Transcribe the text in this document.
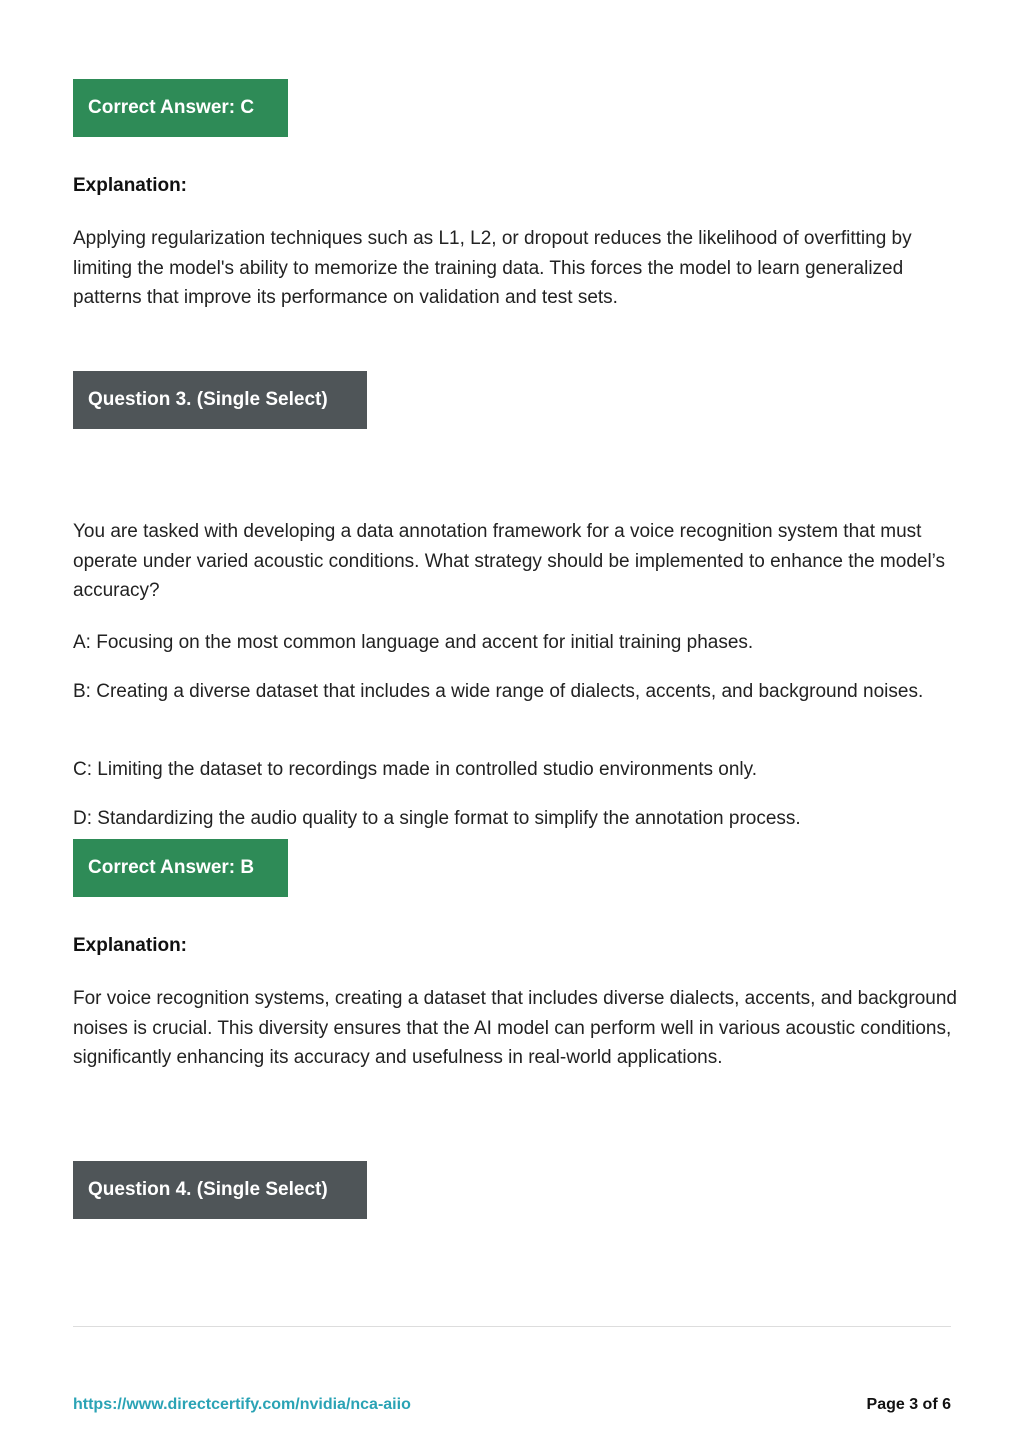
Correct Answer: C
Explanation:
Applying regularization techniques such as L1, L2, or dropout reduces the likelihood of overfitting by limiting the model's ability to memorize the training data. This forces the model to learn generalized patterns that improve its performance on validation and test sets.
Question 3. (Single Select)
You are tasked with developing a data annotation framework for a voice recognition system that must operate under varied acoustic conditions. What strategy should be implemented to enhance the model’s accuracy?
A: Focusing on the most common language and accent for initial training phases.
B: Creating a diverse dataset that includes a wide range of dialects, accents, and background noises.
C: Limiting the dataset to recordings made in controlled studio environments only.
D: Standardizing the audio quality to a single format to simplify the annotation process.
Correct Answer: B
Explanation:
For voice recognition systems, creating a dataset that includes diverse dialects, accents, and background noises is crucial. This diversity ensures that the AI model can perform well in various acoustic conditions, significantly enhancing its accuracy and usefulness in real-world applications.
Question 4. (Single Select)
https://www.directcertify.com/nvidia/nca-aiio	Page 3 of 6
